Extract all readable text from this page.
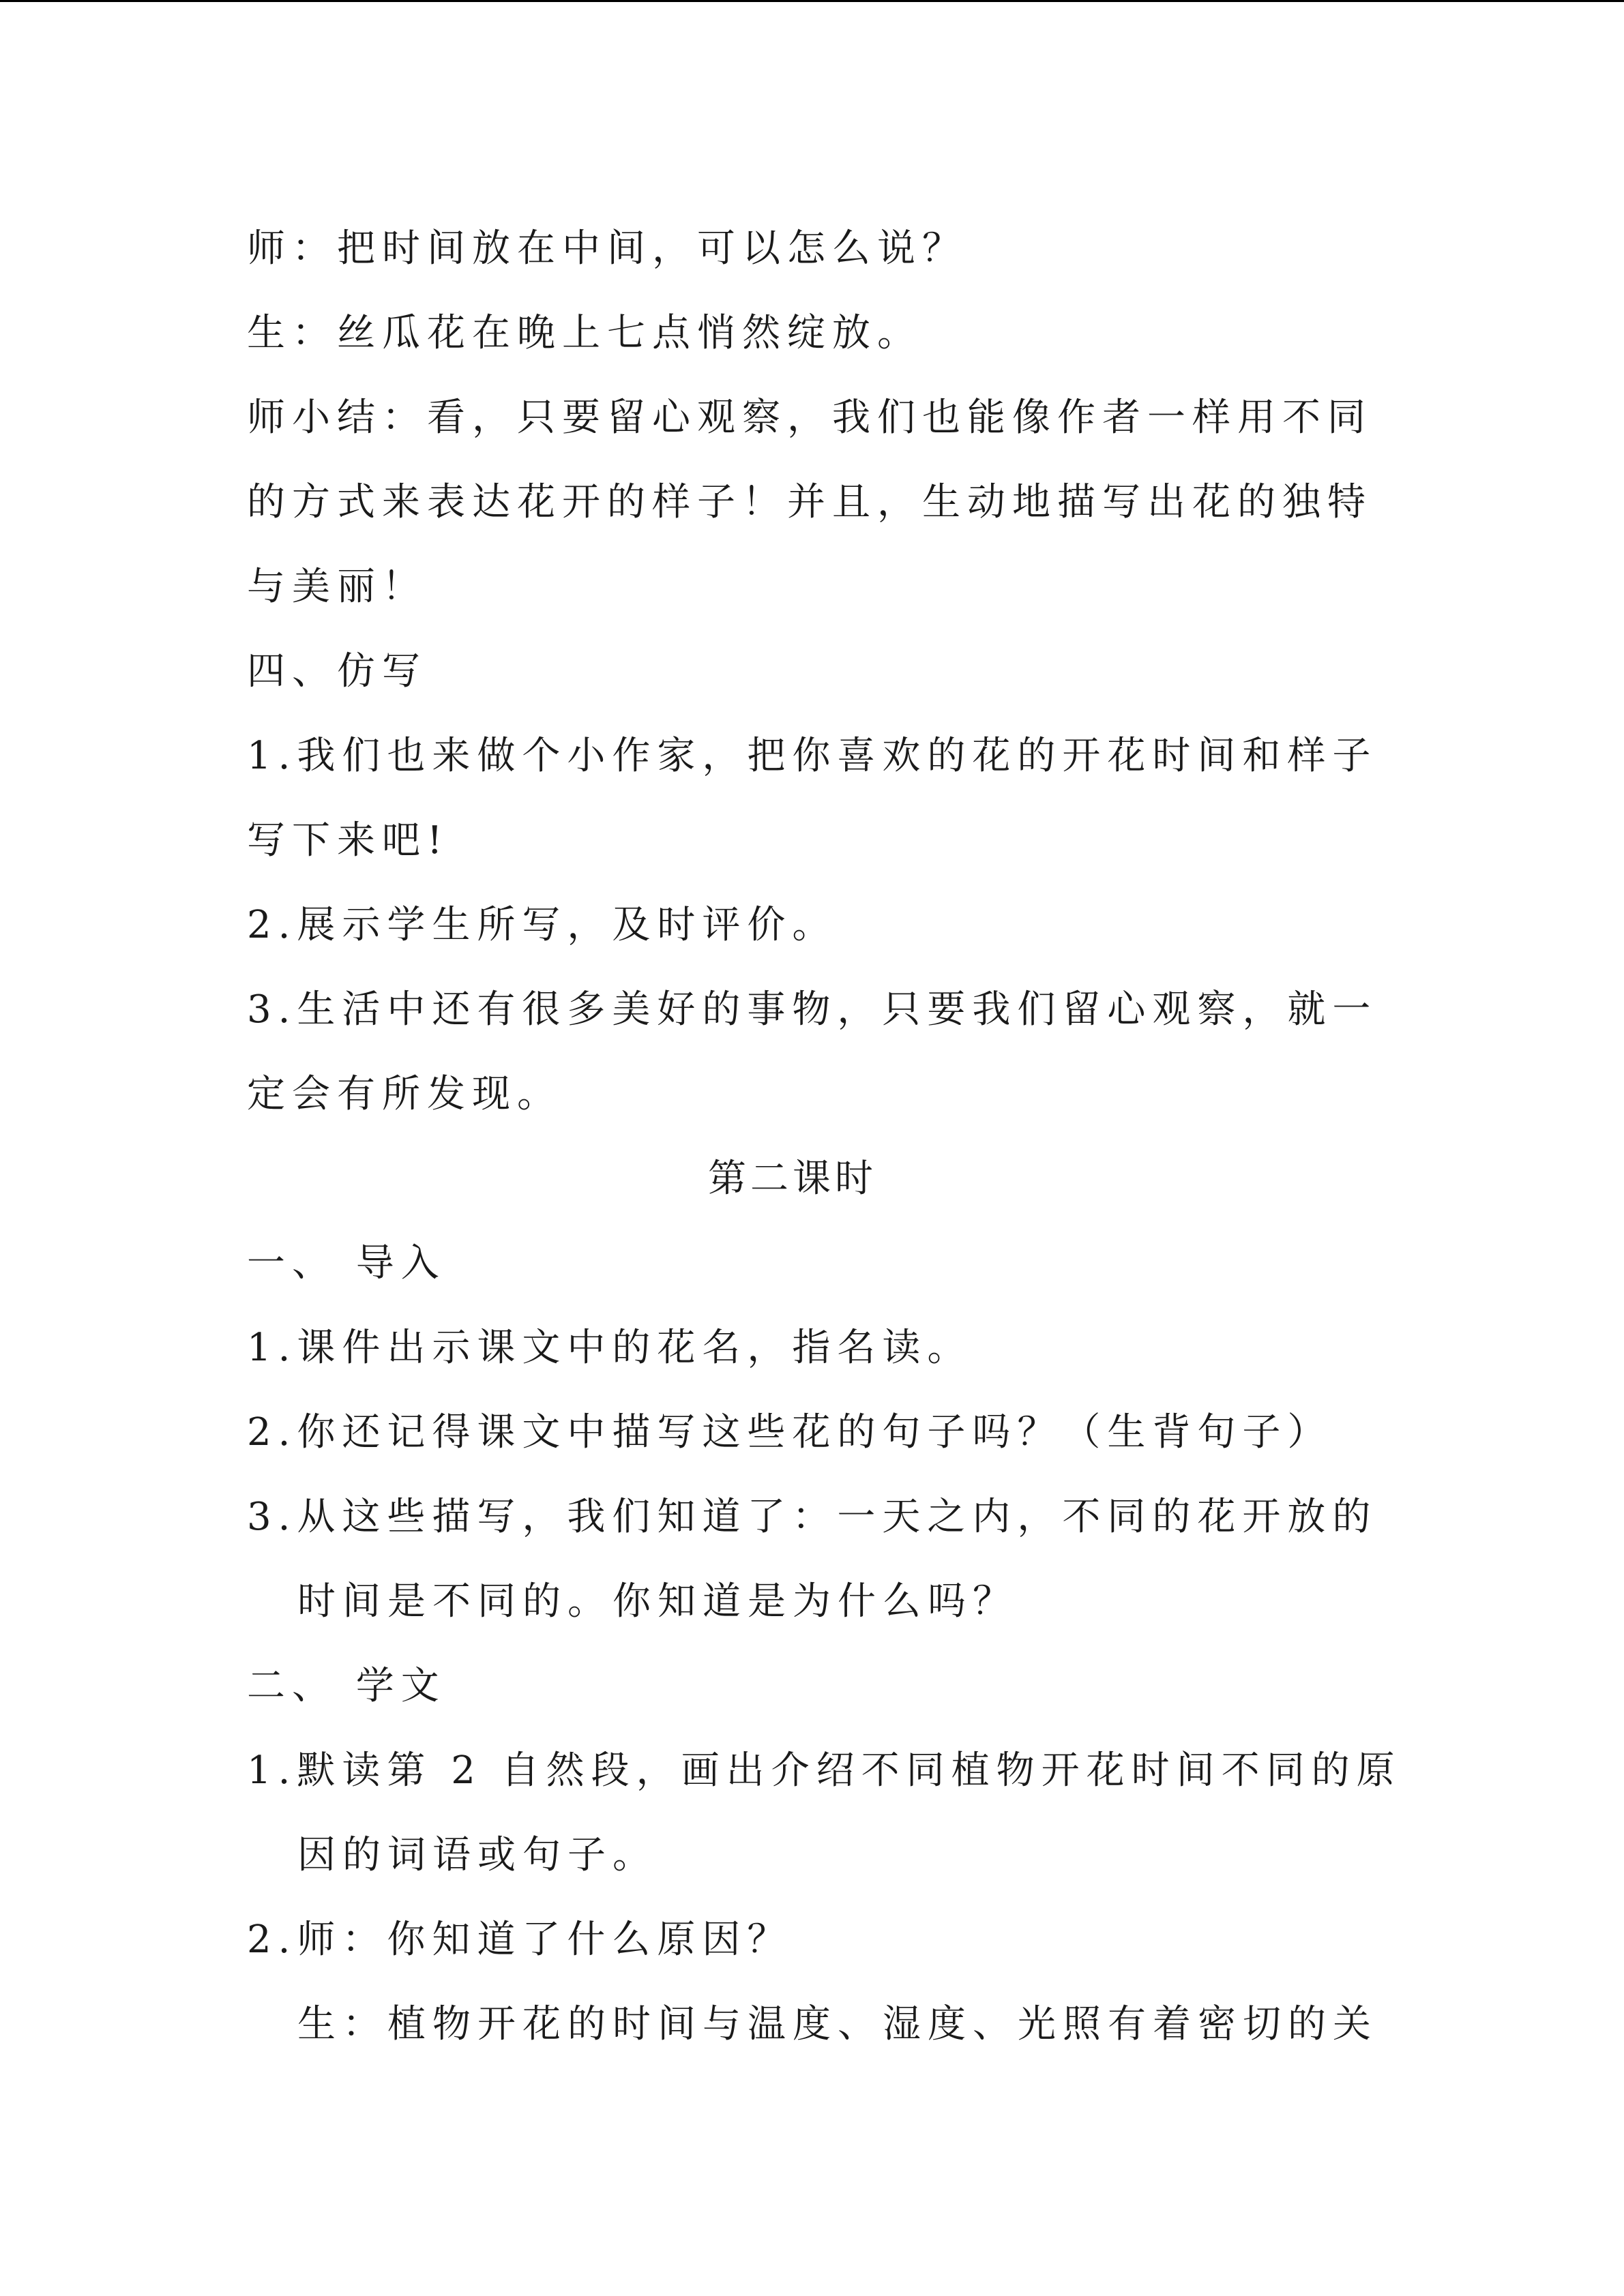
师：把时间放在中间，可以怎么说？
生：丝瓜花在晚上七点悄然绽放。
师小结：看，只要留心观察，我们也能像作者一样用不同
的方式来表达花开的样子！并且，生动地描写出花的独特
与美丽！
四、仿写
1.我们也来做个小作家，把你喜欢的花的开花时间和样子
写下来吧!
2.展示学生所写，及时评价。
3.生活中还有很多美好的事物，只要我们留心观察，就一
定会有所发现。
第二课时
一、 导入
1.课件出示课文中的花名，指名读。
2.你还记得课文中描写这些花的句子吗？（生背句子）
3.从这些描写，我们知道了：一天之内，不同的花开放的
时间是不同的。你知道是为什么吗？
二、 学文
1.默读第 2 自然段，画出介绍不同植物开花时间不同的原
因的词语或句子。
2.师：你知道了什么原因？
生：植物开花的时间与温度、湿度、光照有着密切的关
